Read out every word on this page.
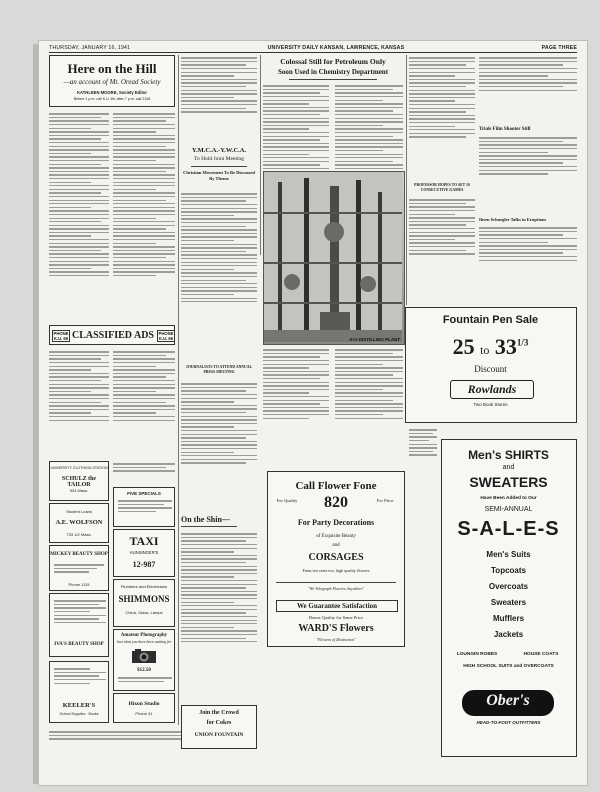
THURSDAY, JANUARY 16, 1941	UNIVERSITY DAILY KANSAN, LAWRENCE, KANSAS	PAGE THREE
Here on the Hill
—an account of Mt. Oread Society
KATHLEEN MOORE, Society Editor
Before 1 p.m. call K.U. 66; after 7 p.m. call 2108
PHONE K.U. 66 CLASSIFIED ADS	PHONE K.U. 66
UNIVERSITY CLOTHING STATION
SCHULZ the TAILOR
924 Mass.
Student Loans
A.E. WOLFSON
733 1/2 Mass.
MICKEY BEAUTY SHOP
Phone 1115
IVA'S BEAUTY SHOP
KEELER'S
School Supplies · Books
FIVE SPECIALS
TAXI
HUNSINGER'S
12-987
Plumbers and Electricians
SHIMMONS
China, Glass, Lamps
Amateur Photography
Just what you have been waiting for
$12.50
Hixon Studio
Phone 41
Y.M.C.A.-Y.W.C.A.
To Hold Joint Meeting
Christian Movement To Be Discussed By Theme
JOURNALISTS TO ATTEND ANNUAL PRESS MEETING
On the Shin—
Join the Crowd
for Cokes
UNION FOUNTAIN
Colossal Still for Petroleum Only
Soon Used in Chemistry Department
K-U DISTILLING PLANT
Call Flower Fone
For Quality	820	For Price
For Party Decorations
of Exquisite Beauty
and
CORSAGES
From ten cents too, high quality flowers
"We Telegraph Flowers Anywhere"
We Guarantee Satisfaction
Bonus Quality for Same Price
WARD'S Flowers
"Flowers of Distinction"
PROFESSOR HOPES TO SET 16 CONSECUTIVE GAMES
Trials Film Shooter Still
Ibsen Schnegler Talks in Eruptions
Fountain Pen Sale
25 to $33^{1/3}$
Discount
Rowlands
Two Book Stores
Men's SHIRTS
and
SWEATERS
Have Been Added to Our
SEMI-ANNUAL
S-A-L-E-S
Men's Suits
Topcoats
Overcoats
Sweaters
Mufflers
Jackets
LOUNGIN ROBES	HOUSE COATS
HIGH SCHOOL SUITS and OVERCOATS
Ober's
HEAD-TO-FOOT OUTFITTERS
